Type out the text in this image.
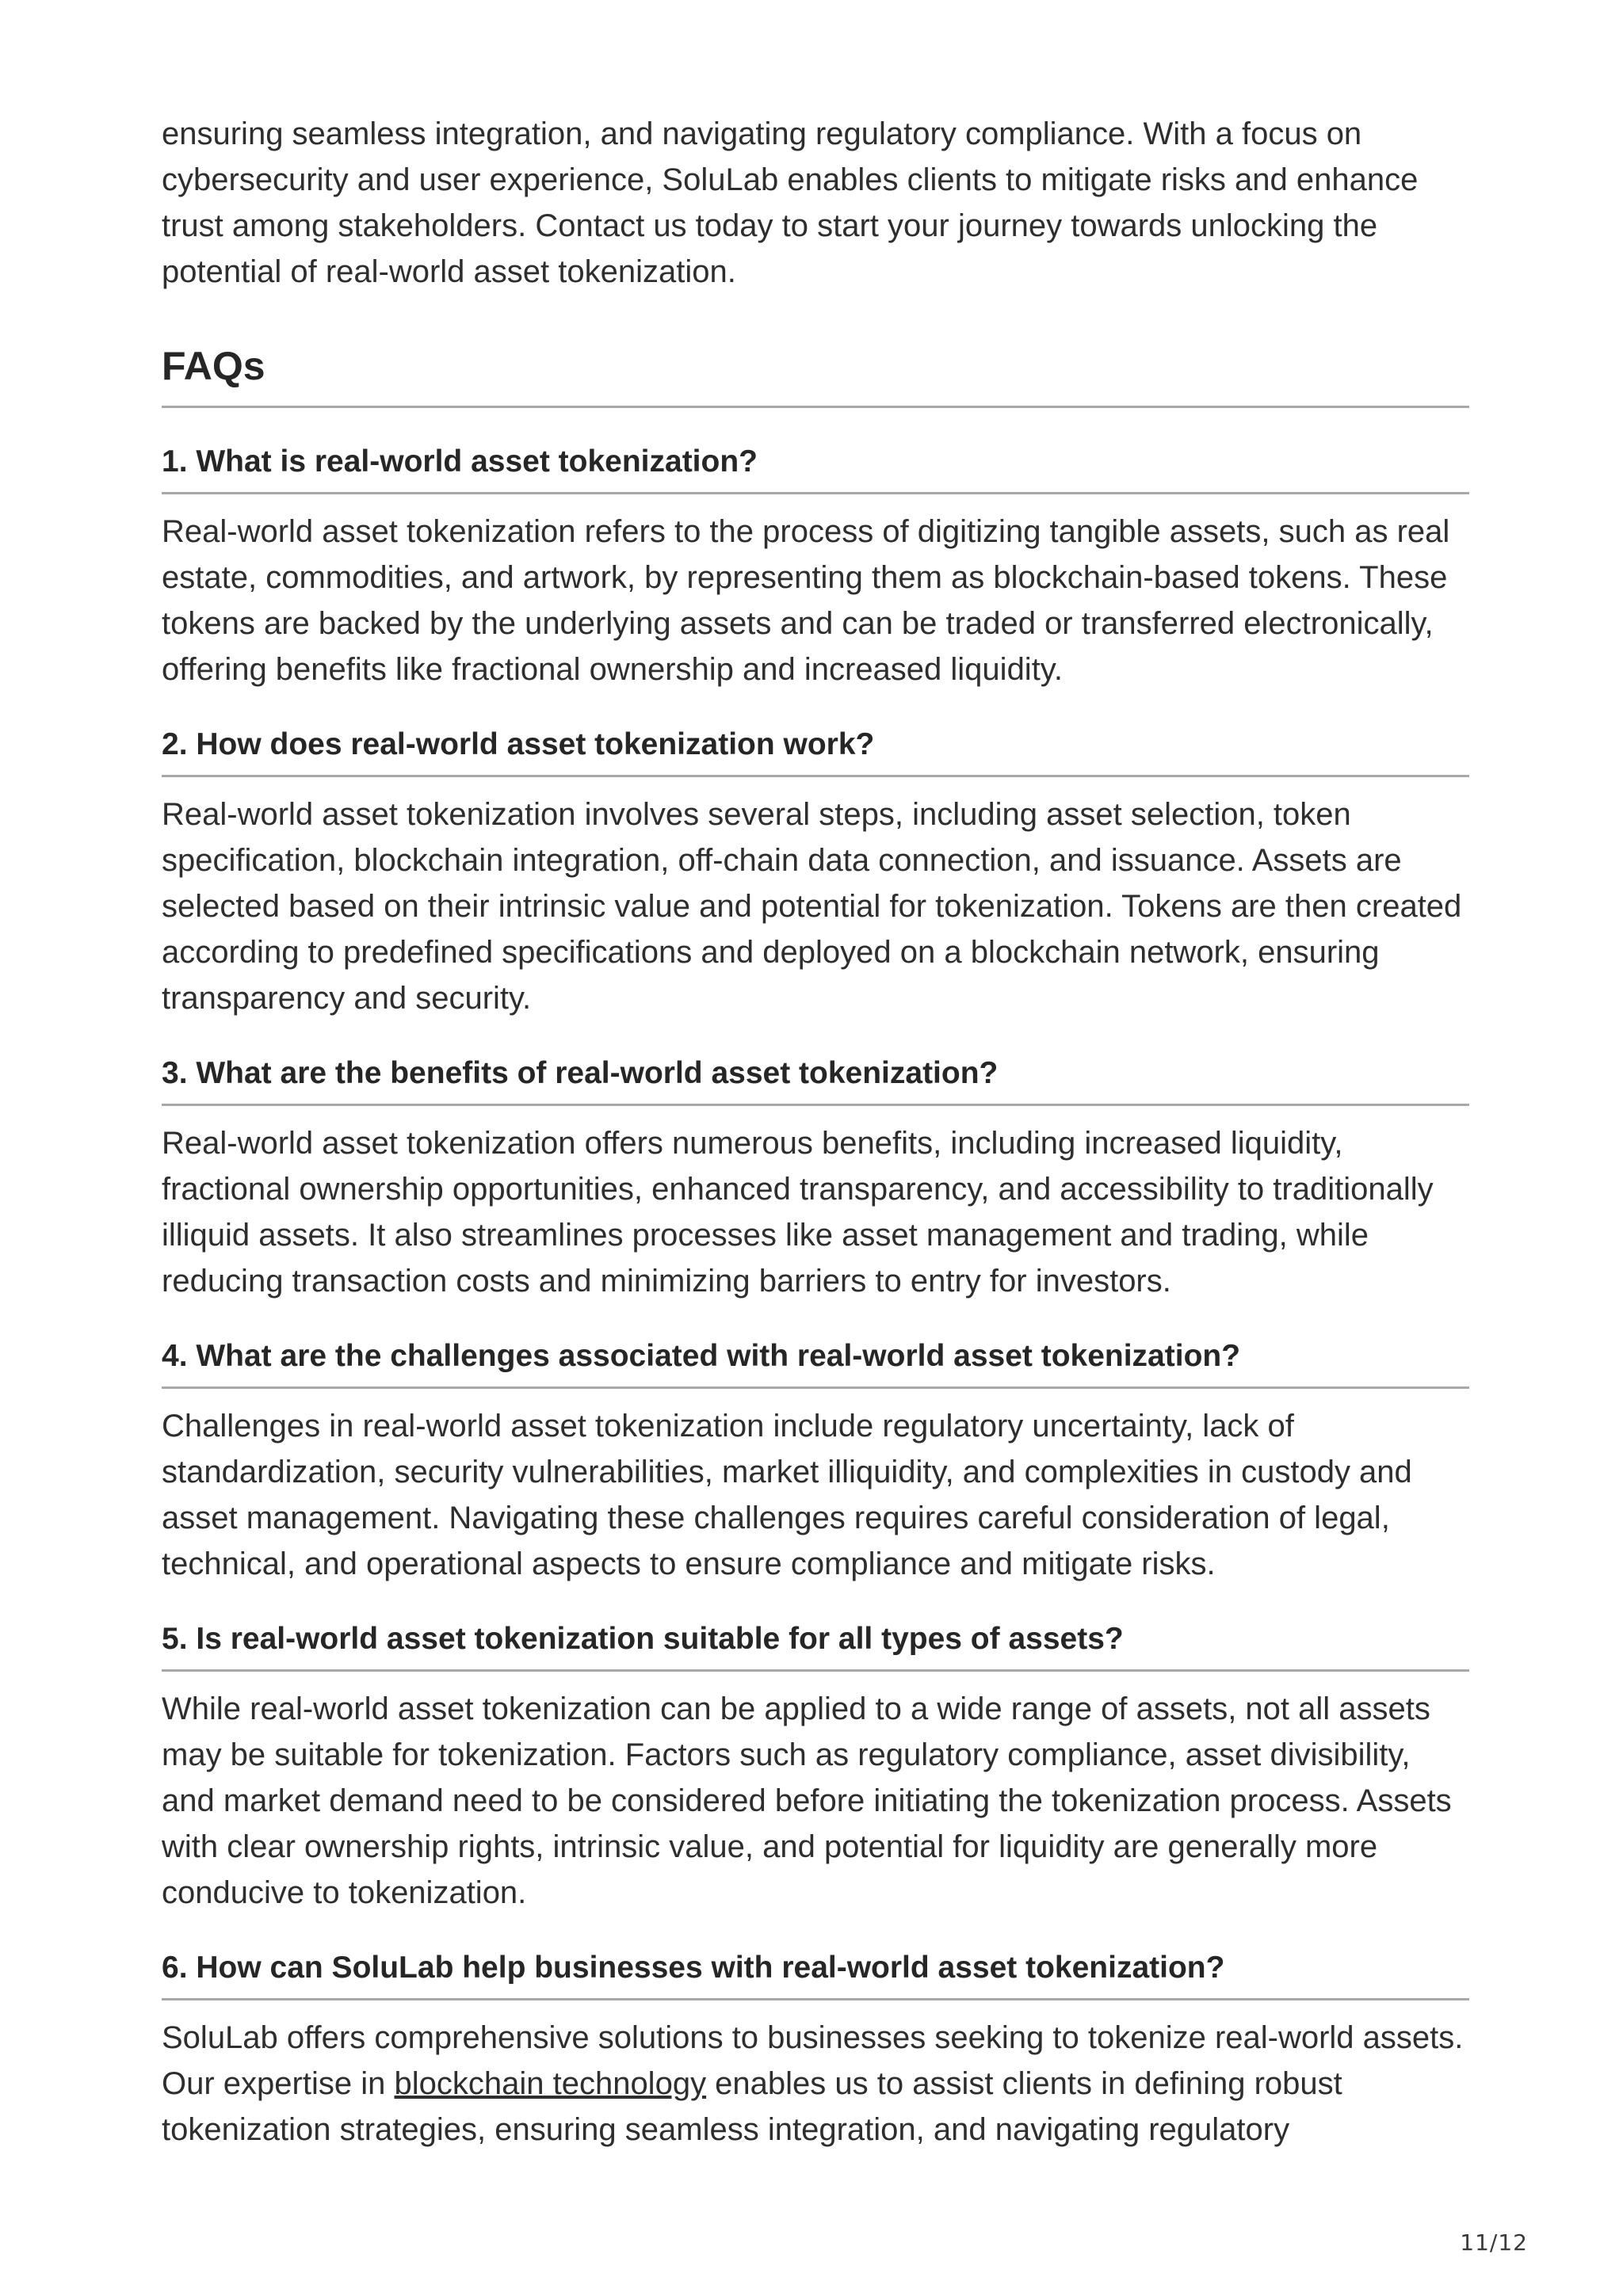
ensuring seamless integration, and navigating regulatory compliance. With a focus on cybersecurity and user experience, SoluLab enables clients to mitigate risks and enhance trust among stakeholders. Contact us today to start your journey towards unlocking the potential of real-world asset tokenization.

FAQs
1. What is real-world asset tokenization?

Real-world asset tokenization refers to the process of digitizing tangible assets, such as real estate, commodities, and artwork, by representing them as blockchain-based tokens. These tokens are backed by the underlying assets and can be traded or transferred electronically, offering benefits like fractional ownership and increased liquidity.

2. How does real-world asset tokenization work?

Real-world asset tokenization involves several steps, including asset selection, token specification, blockchain integration, off-chain data connection, and issuance. Assets are selected based on their intrinsic value and potential for tokenization. Tokens are then created according to predefined specifications and deployed on a blockchain network, ensuring transparency and security.

3. What are the benefits of real-world asset tokenization?

Real-world asset tokenization offers numerous benefits, including increased liquidity, fractional ownership opportunities, enhanced transparency, and accessibility to traditionally illiquid assets. It also streamlines processes like asset management and trading, while reducing transaction costs and minimizing barriers to entry for investors.

4. What are the challenges associated with real-world asset tokenization?

Challenges in real-world asset tokenization include regulatory uncertainty, lack of standardization, security vulnerabilities, market illiquidity, and complexities in custody and asset management. Navigating these challenges requires careful consideration of legal, technical, and operational aspects to ensure compliance and mitigate risks.

5. Is real-world asset tokenization suitable for all types of assets?

While real-world asset tokenization can be applied to a wide range of assets, not all assets may be suitable for tokenization. Factors such as regulatory compliance, asset divisibility, and market demand need to be considered before initiating the tokenization process. Assets with clear ownership rights, intrinsic value, and potential for liquidity are generally more conducive to tokenization.

6. How can SoluLab help businesses with real-world asset tokenization?

SoluLab offers comprehensive solutions to businesses seeking to tokenize real-world assets. Our expertise in blockchain technology enables us to assist clients in defining robust tokenization strategies, ensuring seamless integration, and navigating regulatory

11/12
